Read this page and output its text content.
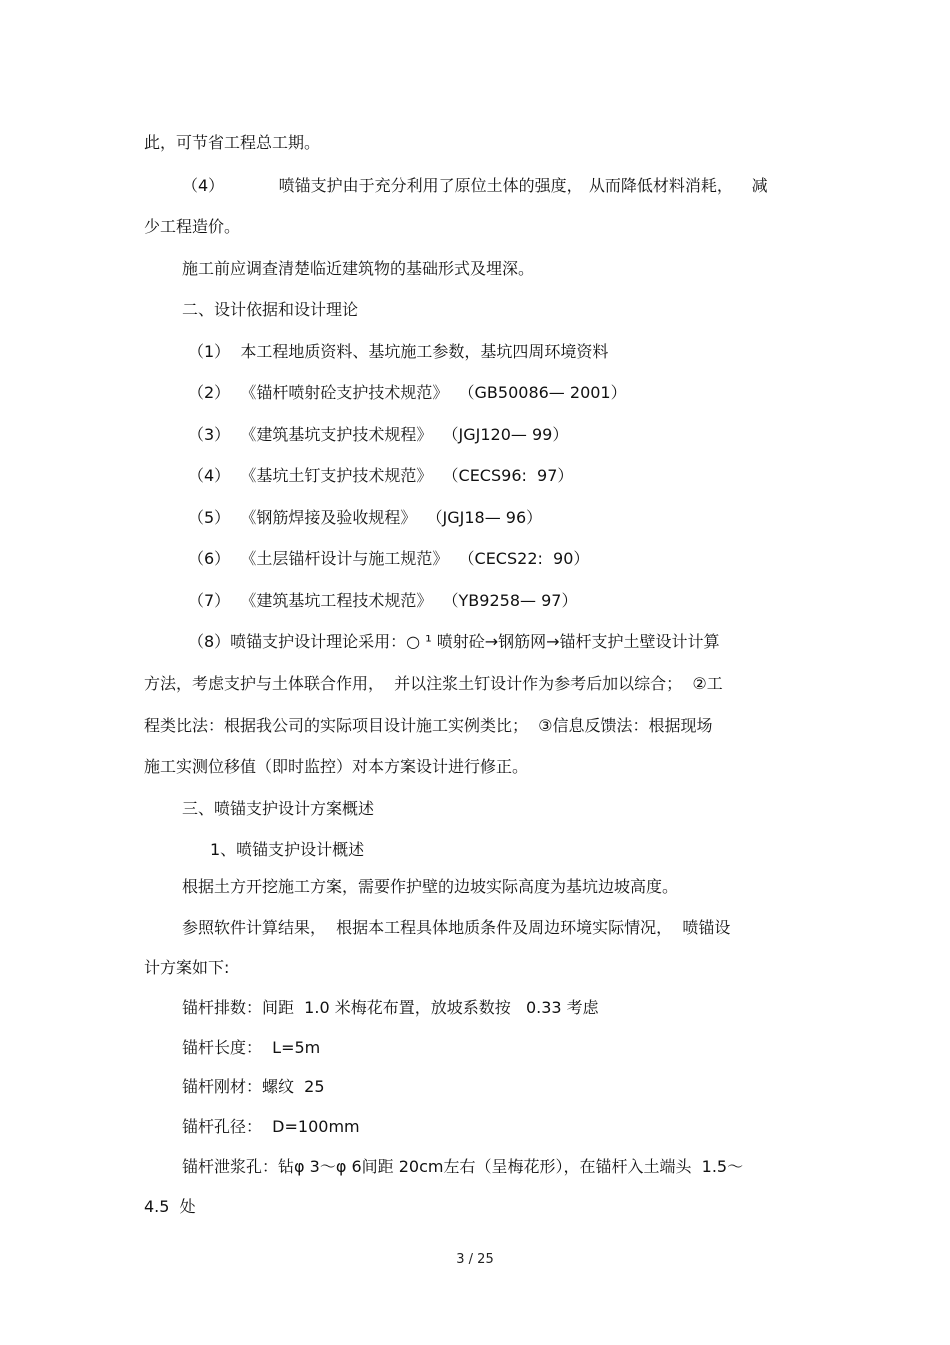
此，可节省工程总工期。
（4）	喷锚支护由于充分利用了原位土体的强度，	从而降低材料消耗，	减
少工程造价。
施工前应调查清楚临近建筑物的基础形式及埋深。
二、设计依据和设计理论
（1）  本工程地质资料、基坑施工参数，基坑四周环境资料
（2）  《锚杆喷射砼支护技术规范》  （GB50086— 2001）
（3）  《建筑基坑支护技术规程》  （JGJ120— 99）
（4）  《基坑土钉支护技术规范》  （CECS96:  97）
（5）  《钢筋焊接及验收规程》  （JGJ18— 96）
（6）  《土层锚杆设计与施工规范》  （CECS22:  90）
（7）  《建筑基坑工程技术规范》  （YB9258— 97）
（8）喷锚支护设计理论采用：○ ¹ 喷射砼→钢筋网→锚杆支护土壁设计计算
方法，考虑支护与土体联合作用，  并以注浆土钉设计作为参考后加以综合；  ②工
程类比法：根据我公司的实际项目设计施工实例类比；  ③信息反馈法：根据现场
施工实测位移值（即时监控）对本方案设计进行修正。
三、喷锚支护设计方案概述
1、喷锚支护设计概述
根据土方开挖施工方案，需要作护壁的边坡实际高度为基坑边坡高度。
参照软件计算结果，  根据本工程具体地质条件及周边环境实际情况，  喷锚设
计方案如下:
锚杆排数：间距  1.0 米梅花布置，放坡系数按   0.33 考虑
锚杆长度：  L=5m
锚杆刚材：螺纹  25
锚杆孔径：  D=100mm
锚杆泄浆孔：钻φ 3～φ 6间距 20cm左右（呈梅花形），在锚杆入土端头  1.5～
4.5  处
3 / 25
